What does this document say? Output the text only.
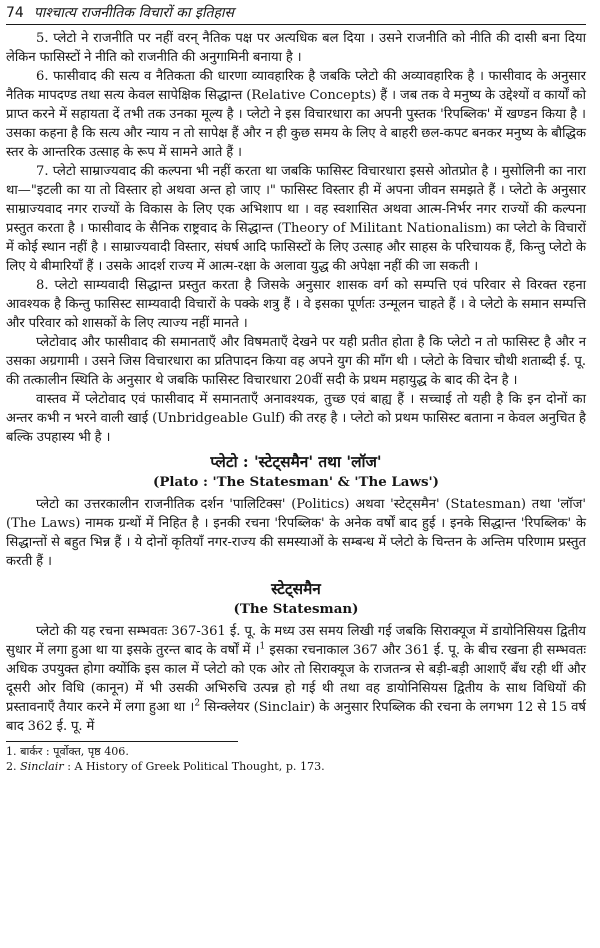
74 पाश्चात्य राजनीतिक विचारों का इतिहास

5. प्लेटो ने राजनीति पर नहीं वरन् नैतिक पक्ष पर अत्यधिक बल दिया । उसने राजनीति को नीति की दासी बना दिया लेकिन फासिस्टों ने नीति को राजनीति की अनुगामिनी बनाया है ।

6. फासीवाद की सत्य व नैतिकता की धारणा व्यावहारिक है जबकि प्लेटो की अव्यावहारिक है । फासीवाद के अनुसार नैतिक मापदण्ड तथा सत्य केवल सापेक्षिक सिद्धान्त (Relative Concepts) हैं । जब तक वे मनुष्य के उद्देश्यों व कार्यों को प्राप्त करने में सहायता दें तभी तक उनका मूल्य है । प्लेटो ने इस विचारधारा का अपनी पुस्तक 'रिपब्लिक' में खण्डन किया है । उसका कहना है कि सत्य और न्याय न तो सापेक्ष हैं और न ही कुछ समय के लिए वे बाहरी छल-कपट बनकर मनुष्य के बौद्धिक स्तर के आन्तरिक उत्साह के रूप में सामने आते हैं ।

7. प्लेटो साम्राज्यवाद की कल्पना भी नहीं करता था जबकि फासिस्ट विचारधारा इससे ओतप्रोत है । मुसोलिनी का नारा था—"इटली का या तो विस्तार हो अथवा अन्त हो जाए ।" फासिस्ट विस्तार ही में अपना जीवन समझते हैं । प्लेटो के अनुसार साम्राज्यवाद नगर राज्यों के विकास के लिए एक अभिशाप था । वह स्वशासित अथवा आत्म-निर्भर नगर राज्यों की कल्पना प्रस्तुत करता है । फासीवाद के सैनिक राष्ट्रवाद के सिद्धान्त (Theory of Militant Nationalism) का प्लेटो के विचारों में कोई स्थान नहीं है । साम्राज्यवादी विस्तार, संघर्ष आदि फासिस्टों के लिए उत्साह और साहस के परिचायक हैं, किन्तु प्लेटो के लिए ये बीमारियाँ हैं । उसके आदर्श राज्य में आत्म-रक्षा के अलावा युद्ध की अपेक्षा नहीं की जा सकती ।

8. प्लेटो साम्यवादी सिद्धान्त प्रस्तुत करता है जिसके अनुसार शासक वर्ग को सम्पत्ति एवं परिवार से विरक्त रहना आवश्यक है किन्तु फासिस्ट साम्यवादी विचारों के पक्के शत्रु हैं । वे इसका पूर्णतः उन्मूलन चाहते हैं । वे प्लेटो के समान सम्पत्ति और परिवार को शासकों के लिए त्याज्य नहीं मानते ।

प्लेटोवाद और फासीवाद की समानताएँ और विषमताएँ देखने पर यही प्रतीत होता है कि प्लेटो न तो फासिस्ट है और न उसका अग्रगामी । उसने जिस विचारधारा का प्रतिपादन किया वह अपने युग की माँग थी । प्लेटो के विचार चौथी शताब्दी ई. पू. की तत्कालीन स्थिति के अनुसार थे जबकि फासिस्ट विचारधारा 20वीं सदी के प्रथम महायुद्ध के बाद की देन है ।

वास्तव में प्लेटोवाद एवं फासीवाद में समानताएँ अनावश्यक, तुच्छ एवं बाह्य हैं । सच्चाई तो यही है कि इन दोनों का अन्तर कभी न भरने वाली खाई (Unbridgeable Gulf) की तरह है । प्लेटो को प्रथम फासिस्ट बताना न केवल अनुचित है बल्कि उपहास्य भी है ।

प्लेटो : 'स्टेट्समैन' तथा 'लॉज'
(Plato : 'The Statesman' & 'The Laws')

प्लेटो का उत्तरकालीन राजनीतिक दर्शन 'पालिटिक्स' (Politics) अथवा 'स्टेट्समैन' (Statesman) तथा 'लॉज' (The Laws) नामक ग्रन्थों में निहित है । इनकी रचना 'रिपब्लिक' के अनेक वर्षों बाद हुई । इनके सिद्धान्त 'रिपब्लिक' के सिद्धान्तों से बहुत भिन्न हैं । ये दोनों कृतियाँ नगर-राज्य की समस्याओं के सम्बन्ध में प्लेटो के चिन्तन के अन्तिम परिणाम प्रस्तुत करती हैं ।

स्टेट्समैन
(The Statesman)

प्लेटो की यह रचना सम्भवतः 367-361 ई. पू. के मध्य उस समय लिखी गई जबकि सिराक्यूज में डायोनिसियस द्वितीय सुधार में लगा हुआ था या इसके तुरन्त बाद के वर्षों में ।$^1$ इसका रचनाकाल 367 और 361 ई. पू. के बीच रखना ही सम्भवतः अधिक उपयुक्त होगा क्योंकि इस काल में प्लेटो को एक ओर तो सिराक्यूज के राजतन्त्र से बड़ी-बड़ी आशाएँ बँध रही थीं और दूसरी ओर विधि (कानून) में भी उसकी अभिरुचि उत्पन्न हो गई थी तथा वह डायोनिसियस द्वितीय के साथ विधियों की प्रस्तावनाएँ तैयार करने में लगा हुआ था ।$^2$ सिन्क्लेयर (Sinclair) के अनुसार रिपब्लिक की रचना के लगभग 12 से 15 वर्ष बाद 362 ई. पू. में

1. बार्कर : पूर्वोक्त, पृष्ठ 406.

2. Sinclair : A History of Greek Political Thought, p. 173.
